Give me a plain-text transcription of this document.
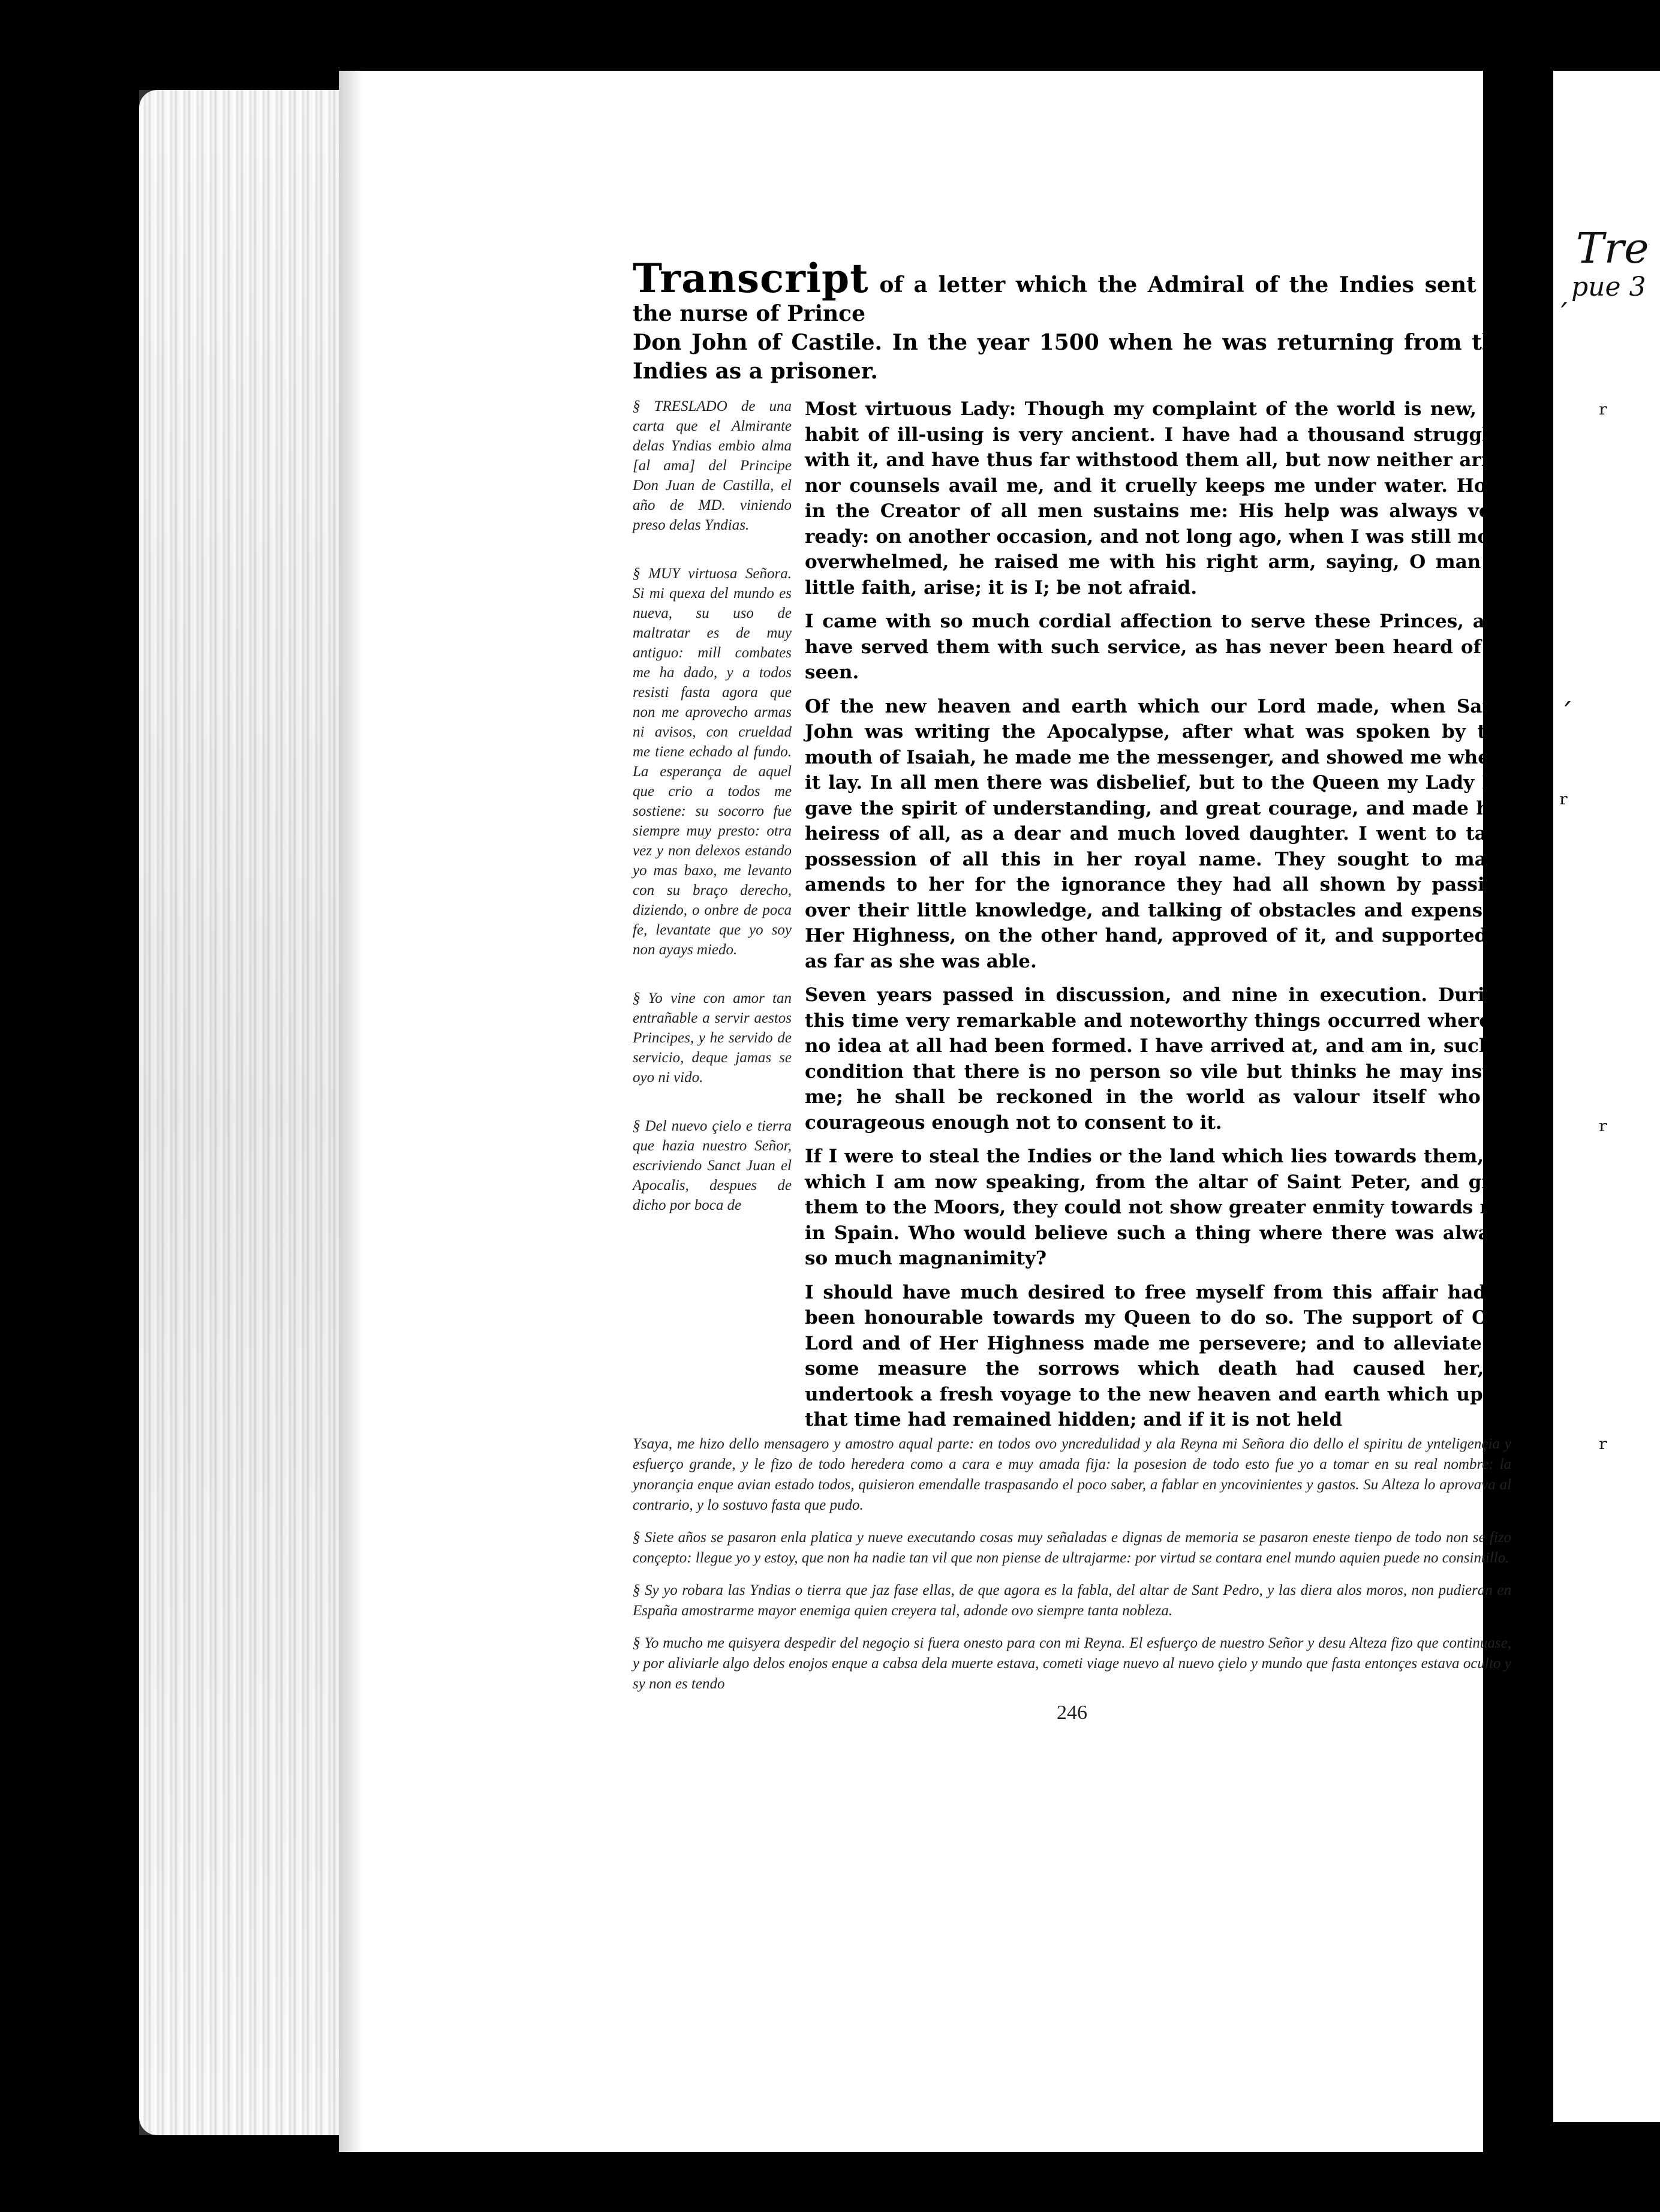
Tre
pue 3
ˊ
ʳ
ˊ
ʳ
ʳ
ʳ
Transcript of a letter which the Admiral of the Indies sent to the nurse of Prince
Don John of Castile. In the year 1500 when he was returning from the Indies as a prisoner.

§ TRESLADO de una carta que el Almirante delas Yndias embio alma [al ama] del Principe Don Juan de Castilla, el año de MD. viniendo preso delas Yndias.

§ MUY virtuosa Señora. Si mi quexa del mundo es nueva, su uso de maltratar es de muy antiguo: mill combates me ha dado, y a todos resisti fasta agora que non me aprovecho armas ni avisos, con crueldad me tiene echado al fundo. La esperança de aquel que crio a todos me sostiene: su socorro fue siempre muy presto: otra vez y non delexos estando yo mas baxo, me levanto con su braço derecho, diziendo, o onbre de poca fe, levantate que yo soy non ayays miedo.

§ Yo vine con amor tan entrañable a servir aestos Principes, y he servido de servicio, deque jamas se oyo ni vido.

§ Del nuevo çielo e tierra que hazia nuestro Señor, escriviendo Sanct Juan el Apocalis, despues de dicho por boca de

Most virtuous Lady: Though my complaint of the world is new, its habit of ill-using is very ancient. I have had a thousand struggles with it, and have thus far withstood them all, but now neither arms nor counsels avail me, and it cruelly keeps me under water. Hope in the Creator of all men sustains me: His help was always very ready: on another occasion, and not long ago, when I was still more overwhelmed, he raised me with his right arm, saying, O man of little faith, arise; it is I; be not afraid.

I came with so much cordial affection to serve these Princes, and have served them with such service, as has never been heard of or seen.

Of the new heaven and earth which our Lord made, when Saint John was writing the Apocalypse, after what was spoken by the mouth of Isaiah, he made me the messenger, and showed me where it lay. In all men there was disbelief, but to the Queen my Lady He gave the spirit of understanding, and great courage, and made her heiress of all, as a dear and much loved daughter. I went to take possession of all this in her royal name. They sought to make amends to her for the ignorance they had all shown by passing over their little knowledge, and talking of obstacles and expenses. Her Highness, on the other hand, approved of it, and supported it as far as she was able.

Seven years passed in discussion, and nine in execution. During this time very remarkable and noteworthy things occurred whereof no idea at all had been formed. I have arrived at, and am in, such a condition that there is no person so vile but thinks he may insult me; he shall be reckoned in the world as valour itself who is courageous enough not to consent to it.

If I were to steal the Indies or the land which lies towards them, of which I am now speaking, from the altar of Saint Peter, and give them to the Moors, they could not show greater enmity towards me in Spain. Who would believe such a thing where there was always so much magnanimity?

I should have much desired to free myself from this affair had it been honourable towards my Queen to do so. The support of Our Lord and of Her Highness made me persevere; and to alleviate in some measure the sorrows which death had caused her, I undertook a fresh voyage to the new heaven and earth which up to that time had remained hidden; and if it is not held

Ysaya, me hizo dello mensagero y amostro aqual parte: en todos ovo yncredulidad y ala Reyna mi Señora dio dello el spiritu de ynteligençia y esfuerço grande, y le fizo de todo heredera como a cara e muy amada fija: la posesion de todo esto fue yo a tomar en su real nombre: la ynorançia enque avian estado todos, quisieron emendalle traspasando el poco saber, a fablar en yncovinientes y gastos. Su Alteza lo aprovava al contrario, y lo sostuvo fasta que pudo.

§ Siete años se pasaron enla platica y nueve executando cosas muy señaladas e dignas de memoria se pasaron eneste tienpo de todo non se fizo conçepto: llegue yo y estoy, que non ha nadie tan vil que non piense de ultrajarme: por virtud se contara enel mundo aquien puede no consintillo.

§ Sy yo robara las Yndias o tierra que jaz fase ellas, de que agora es la fabla, del altar de Sant Pedro, y las diera alos moros, non pudieran en España amostrarme mayor enemiga quien creyera tal, adonde ovo siempre tanta nobleza.

§ Yo mucho me quisyera despedir del negoçio si fuera onesto para con mi Reyna. El esfuerço de nuestro Señor y desu Alteza fizo que continuase, y por aliviarle algo delos enojos enque a cabsa dela muerte estava, cometi viage nuevo al nuevo çielo y mundo que fasta entonçes estava oculto y sy non es tendo

246
